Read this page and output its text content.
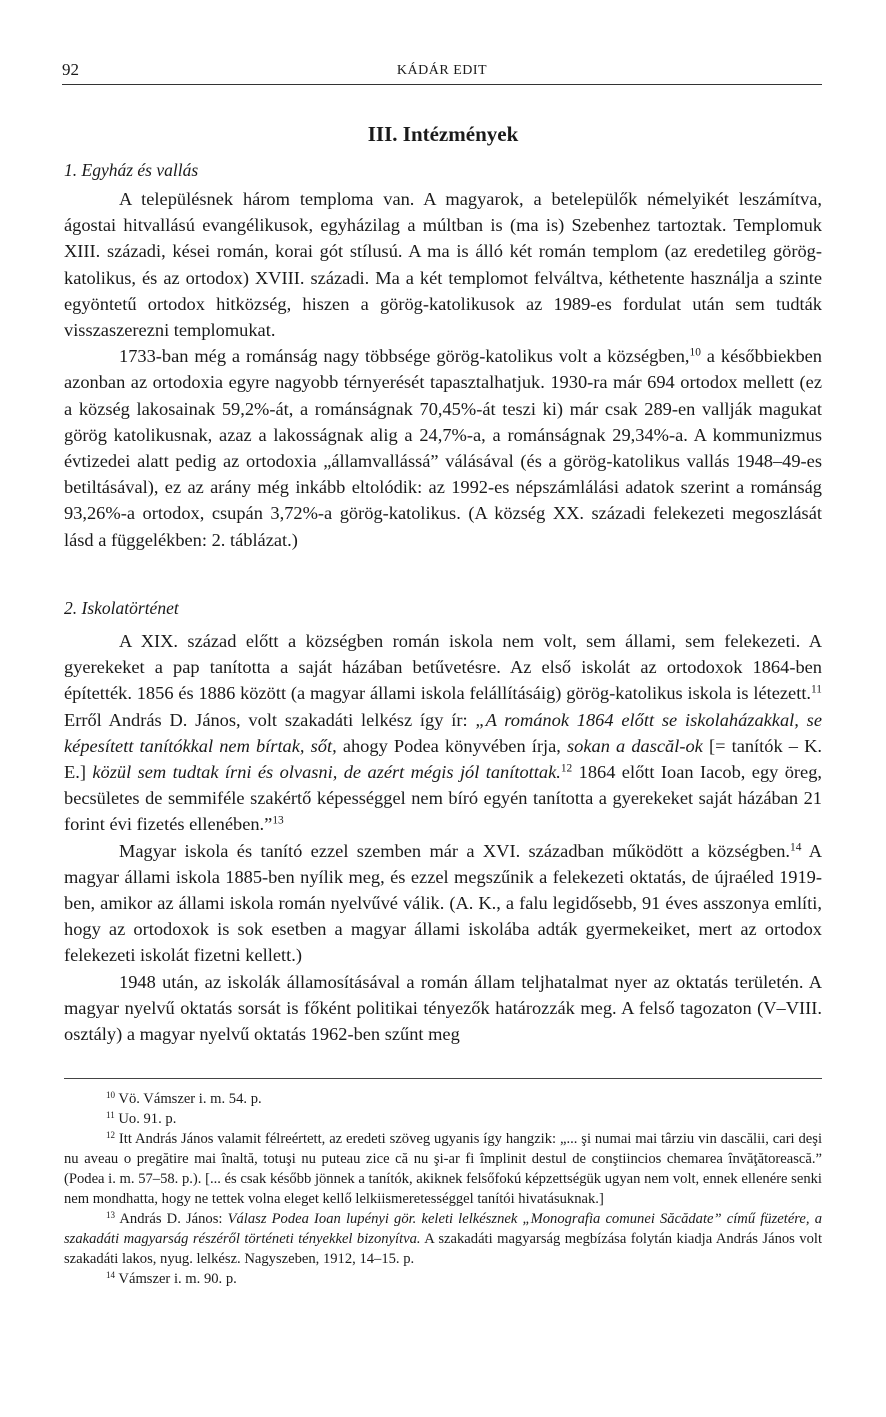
92	KÁDÁR EDIT
III. Intézmények
1. Egyház és vallás

A településnek három temploma van. A magyarok, a betelepülők némelyikét leszámítva, ágostai hitvallású evangélikusok, egyházilag a múltban is (ma is) Szebenhez tartoztak. Templomuk XIII. századi, kései román, korai gót stílusú. A ma is álló két román templom (az eredetileg görög-katolikus, és az ortodox) XVIII. századi. Ma a két templomot felváltva, kéthetente használja a szinte egyöntetű ortodox hitközség, hiszen a görög-katolikusok az 1989-es fordulat után sem tudták visszaszerezni templomukat.

1733-ban még a románság nagy többsége görög-katolikus volt a községben,$^{10}$ a későbbiekben azonban az ortodoxia egyre nagyobb térnyerését tapasztalhatjuk. 1930-ra már 694 ortodox mellett (ez a község lakosainak 59,2%-át, a románságnak 70,45%-át teszi ki) már csak 289-en vallják magukat görög katolikusnak, azaz a lakosságnak alig a 24,7%-a, a románságnak 29,34%-a. A kommunizmus évtizedei alatt pedig az ortodoxia „államvallássá” válásával (és a görög-katolikus vallás 1948–49-es betiltásával), ez az arány még inkább eltolódik: az 1992-es népszámlálási adatok szerint a románság 93,26%-a ortodox, csupán 3,72%-a görög-katolikus. (A község XX. századi felekezeti megoszlását lásd a függelékben: 2. táblázat.)

2. Iskolatörténet

A XIX. század előtt a községben román iskola nem volt, sem állami, sem felekezeti. A gyerekeket a pap tanította a saját házában betűvetésre. Az első iskolát az ortodoxok 1864-ben építették. 1856 és 1886 között (a magyar állami iskola felállításáig) görög-katolikus iskola is létezett.$^{11}$ Erről András D. János, volt szakadáti lelkész így ír: „A románok 1864 előtt se iskolaházakkal, se képesített tanítókkal nem bírtak, sőt, ahogy Podea könyvében írja, sokan a dascăl-ok [= tanítók – K. E.] közül sem tudtak írni és olvasni, de azért mégis jól tanítottak.$^{12}$ 1864 előtt Ioan Iacob, egy öreg, becsületes de semmiféle szakértő képességgel nem bíró egyén tanította a gyerekeket saját házában 21 forint évi fizetés ellenében.”$^{13}$

Magyar iskola és tanító ezzel szemben már a XVI. században működött a községben.$^{14}$ A magyar állami iskola 1885-ben nyílik meg, és ezzel megszűnik a felekezeti oktatás, de újraéled 1919-ben, amikor az állami iskola román nyelvűvé válik. (A. K., a falu legidősebb, 91 éves asszonya említi, hogy az ortodoxok is sok esetben a magyar állami iskolába adták gyermekeiket, mert az ortodox felekezeti iskolát fizetni kellett.)

1948 után, az iskolák államosításával a román állam teljhatalmat nyer az oktatás területén. A magyar nyelvű oktatás sorsát is főként politikai tényezők határozzák meg. A felső tagozaton (V–VIII. osztály) a magyar nyelvű oktatás 1962-ben szűnt meg

$^{10}$ Vö. Vámszer i. m. 54. p.

$^{11}$ Uo. 91. p.

$^{12}$ Itt András János valamit félreértett, az eredeti szöveg ugyanis így hangzik: „... şi numai mai târziu vin dascălii, cari deşi nu aveau o pregătire mai înaltă, totuşi nu puteau zice că nu şi-ar fi împlinit destul de conştiincios chemarea învăţătorească.” (Podea i. m. 57–58. p.). [... és csak később jönnek a tanítók, akiknek felsőfokú képzettségük ugyan nem volt, ennek ellenére senki nem mondhatta, hogy ne tettek volna eleget kellő lelkiismeretességgel tanítói hivatásuknak.]

$^{13}$ András D. János: Válasz Podea Ioan lupényi gör. keleti lelkésznek „Monografia comunei Săcădate” című füzetére, a szakadáti magyarság részéről történeti tényekkel bizonyítva. A szakadáti magyarság megbízása folytán kiadja András János volt szakadáti lakos, nyug. lelkész. Nagyszeben, 1912, 14–15. p.

$^{14}$ Vámszer i. m. 90. p.
